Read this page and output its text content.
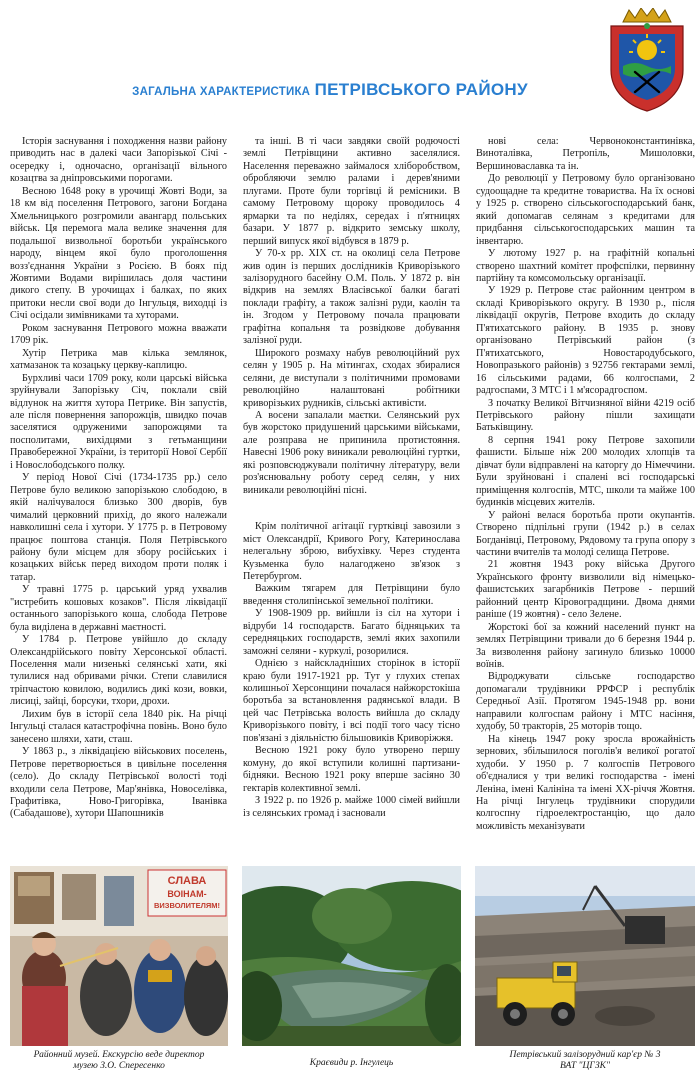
ЗАГАЛЬНА ХАРАКТЕРИСТИКА ПЕТРІВСЬКОГО РАЙОНУ

Історія заснування і походження назви району приводить нас в далекі часи Запорізької Січі - осередку і, одночасно, організації вільного козацтва за дніпровськими порогами.

Весною 1648 року в урочищі Жовті Води, за 18 км від поселення Петрового, загони Богдана Хмельницького розгромили авангард польських військ. Ця перемога мала велике значення для подальшої визвольної боротьби українського народу, вінцем якої було проголошення возз'єднання України з Росією. В боях під Жовтими Водами вирішилась доля частини дикого степу. В урочищах і балках, по яких притоки несли свої води до Інгульця, виходці із Січі осідали зимівниками та хуторами.

Роком заснування Петрового можна вважати 1709 рік.

Хутір Петрика мав кілька землянок, хатмазанок та козацьку церкву-каплицю.

Бурхливі часи 1709 року, коли царські війська зруйнували Запорізьку Січ, поклали свій відлунок на життя хутора Петрике. Він запустів, але після повернення запорожців, швидко почав заселятися одруженими запорожцями та посполитами, вихідцями з гетьманщини Правобережної України, із території Нової Сербії і Новослободського полку.

У період Нової Січі (1734-1735 рр.) село Петрове було великою запорізькою слободою, в якій налічувалося близько 300 дворів, був чималий церковний прихід, до якого належали навколишні села і хутори. У 1775 р. в Петровому працює поштова станція. Поля Петрівського району були місцем для збору російських і козацьких військ перед виходом проти поляк і татар.

У травні 1775 р. царський уряд ухвалив "истребить кошовых козаков". Після ліквідації останнього запорізького коша, слобода Петрове була виділена в державні маєтності.

У 1784 р. Петрове увійшло до складу Олександрійського повіту Херсонської області. Поселення мали низенькі селянські хати, які тулилися над обривами річки. Степи славилися тріпчастою ковилою, водились дикі кози, вовки, лисиці, зайці, борсуки, тхори, дрохи.

Лихим був в історії села 1840 рік. На річці Інгульці сталася катастрофічна повінь. Воно було занесено шляхи, хати, сташ.

У 1863 р., з ліквідацією військових поселень, Петрове перетворюється в цивільне поселення (село). До складу Петрівської волості тоді входили села Петрове, Мар'янівка, Новоселівка, Графитівка, Ново-Григорівка, Іванівка (Сабадашове), хутори Шапошників

та інші. В ті часи завдяки своїй родючості землі Петрівщини активно заселялися. Населення переважно займалося хліборобством, обробляючи землю ралами і дерев'яними плугами. Проте були торгівці й ремісники. В самому Петровому щороку проводилось 4 ярмарки та по неділях, середах і п'ятницях базари. У 1877 р. відкрито земську школу, перший випуск якої відбувся в 1879 р.

У 70-х рр. XIX ст. на околиці села Петрове жив один із перших дослідників Криворізького залізорудного басейну О.М. Поль. У 1872 р. він відкрив на землях Власівської балки багаті поклади графіту, а також залізні руди, каолін та ін. Згодом у Петровому почала працювати графітна копальня та розвідкове добування залізної руди.

Широкого розмаху набув революційний рух селян у 1905 р. На мітингах, сходах збиралися селяни, де виступали з політичними промовами революційно налаштовані робітники криворізьких рудників, сільські активісти.

А восени запалали маєтки. Селянський рух був жорстоко придушений царськими військами, але розправа не припинила протистояння. Навесні 1906 року виникали революційні гуртки, які розповсюджували політичну літературу, вели роз'яснювальну роботу серед селян, у них виникали революційні пісні.

Крім політичної агітації гуртківці завозили з міст Олександрії, Кривого Рогу, Катеринослава нелегальну зброю, вибухівку. Через студента Кузьменка було налагоджено зв'язок з Петербургом.

Важким тягарем для Петрівщини було введення столипінської земельної політики.

У 1908-1909 рр. вийшли із сіл на хутори і відруби 14 господарств. Багато бідняцьких та середняцьких господарств, землі яких захопили заможні селяни - куркулі, розорилися.

Однією з найскладніших сторінок в історії краю були 1917-1921 рр. Тут у глухих степах колишньої Херсонщини почалася найжорстокіша боротьба за встановлення радянської влади. В цей час Петрівська волость вийшла до складу Криворізького повіту, і всі події того часу тісно пов'язані з діяльністю більшовиків Криворіжжя.

Весною 1921 року було утворено першу комуну, до якої вступили колишні партизани-бідняки. Весною 1921 року вперше засіяно 30 гектарів колективної землі.

З 1922 р. по 1926 р. майже 1000 сімей вийшли із селянських громад і засновали

нові села: Червоноконстантинівка, Виноталівка, Петропіль, Мишоловки, Вершиноваславка та ін.

До революції у Петровому було організовано судоощадне та кредитне товариства. На їх основі у 1925 р. створено сільськогосподарський банк, який допомагав селянам з кредитами для придбання сільськогосподарських машин та інвентарю.

У лютому 1927 р. на графітній копальні створено шахтний комітет профспілки, первинну партійну та комсомольську організації.

У 1929 р. Петрове стає районним центром в складі Криворізького округу. В 1930 р., після ліквідації округів, Петрове входить до складу П'ятихатського району. В 1935 р. знову організовано Петрівський район (з П'ятихатського, Новостародубського, Новопразького районів) з 92756 гектарами землі, 16 сільськими радами, 66 колгоспами, 2 радгоспами, 3 МТС і 1 м'ясорадгоспом.

З початку Великої Вітчизняної війни 4219 осіб Петрівського району пішли захищати Батьківщину.

8 серпня 1941 року Петрове захопили фашисти. Більше ніж 200 молодих хлопців та дівчат були відправлені на каторгу до Німеччини. Були зруйновані і спалені всі господарські приміщення колгоспів, МТС, школи та майже 100 будинків місцевих жителів.

У районі велася боротьба проти окупантів. Створено підпільні групи (1942 р.) в селах Богданівці, Петровому, Рядовому та група опору з частини вчителів та молоді селища Петрове.

21 жовтня 1943 року війська Другого Українського фронту визволили від німецько-фашистських загарбників Петрове - перший районний центр Кіровоградщини. Двома днями раніше (19 жовтня) - село Зелене.

Жорстокі бої за кожний населений пункт на землях Петрівщини тривали до 6 березня 1944 р. За визволення району загинуло близько 10000 воїнів.

Відроджувати сільське господарство допомагали трудівники РРФСР і республік Середньої Азії. Протягом 1945-1948 рр. вони направили колгоспам району і МТС насіння, худобу, 50 тракторів, 25 моторів тощо.

На кінець 1947 року зросла врожайність зернових, збільшилося поголів'я великої рогатої худоби. У 1950 р. 7 колгоспів Петрового об'єдналися у три великі господарства - імені Леніна, імені Калініна та імені XX-річчя Жовтня. На річці Інгулець трудівники спорудили колгоспну гідроелектростанцію, що дало можливість механізувати

СЛАВА
ВОІНАМ-
ВИЗВОЛИТЕЛЯМ!
Районний музей. Екскурсію веде директор
музею З.О. Спересенко	Краєвиди р. Інгулець
Петрівський залізорудний кар'єр № 3
ВАТ "ЦГЗК"
